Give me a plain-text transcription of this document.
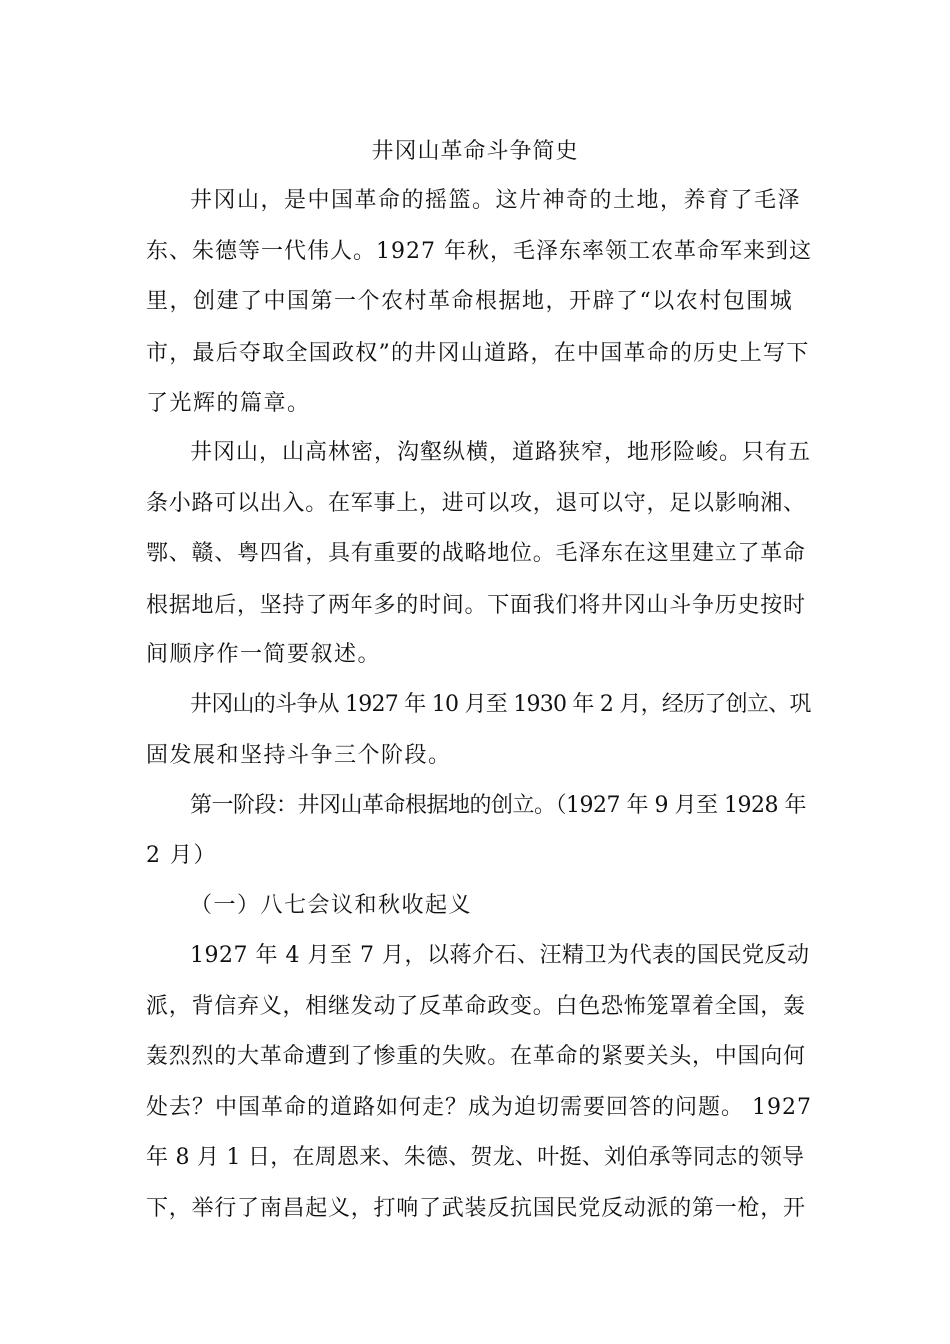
井冈山革命斗争简史
井冈山，是中国革命的摇篮。这片神奇的土地，养育了毛泽
东、朱德等一代伟人。1927 年秋，毛泽东率领工农革命军来到这
里，创建了中国第一个农村革命根据地，开辟了“以农村包围城
市，最后夺取全国政权”的井冈山道路，在中国革命的历史上写下
了光辉的篇章。
井冈山，山高林密，沟壑纵横，道路狭窄，地形险峻。只有五
条小路可以出入。在军事上，进可以攻，退可以守，足以影响湘、
鄂、赣、粤四省，具有重要的战略地位。毛泽东在这里建立了革命
根据地后，坚持了两年多的时间。下面我们将井冈山斗争历史按时
间顺序作一简要叙述。
井冈山的斗争从 1927 年 10 月至 1930 年 2 月，经历了创立、巩
固发展和坚持斗争三个阶段。
第一阶段：井冈山革命根据地的创立。（1927 年 9 月至 1928 年
2 月）
（一）八七会议和秋收起义
1927 年 4 月至 7 月，以蒋介石、汪精卫为代表的国民党反动
派，背信弃义，相继发动了反革命政变。白色恐怖笼罩着全国，轰
轰烈烈的大革命遭到了惨重的失败。在革命的紧要关头，中国向何
处去？中国革命的道路如何走？成为迫切需要回答的问题。 1927
年 8 月 1 日，在周恩来、朱德、贺龙、叶挺、刘伯承等同志的领导
下，举行了南昌起义，打响了武装反抗国民党反动派的第一枪，开
